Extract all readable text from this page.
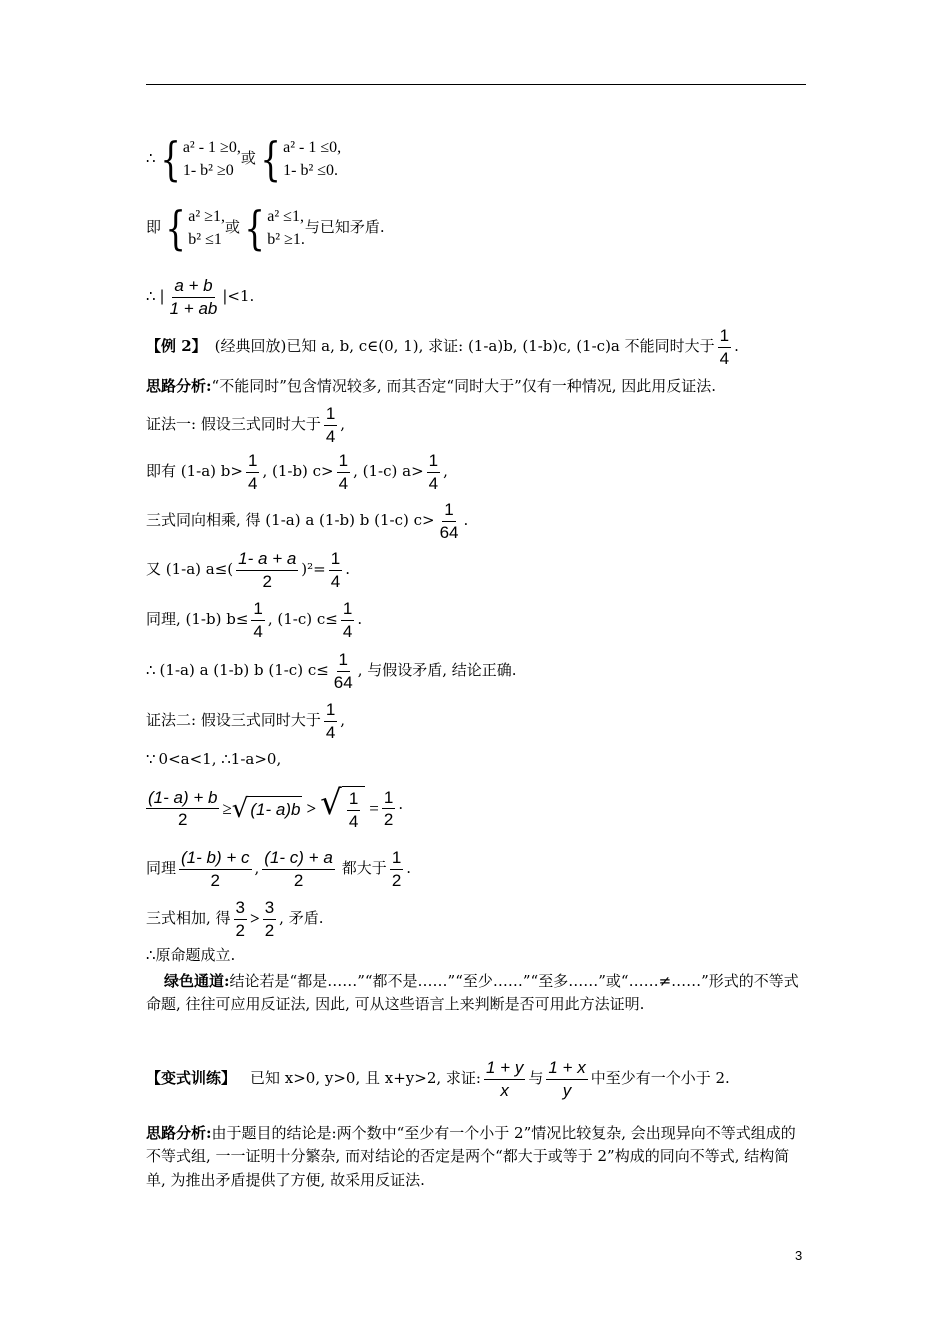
∴ { a² - 1 ≥0,
1- b² ≥0
或 { a² - 1 ≤0,
1- b² ≤0.
即 { a² ≥1,
b² ≤1
或 { a² ≤1,
b² ≥1.
与已知矛盾.
∴ | $\frac{a + b}{1 + ab} |<1$.
【例 2】 (经典回放)已知 a, b, c∈(0, 1), 求证: (1-a)b, (1-b)c, (1-c)a 不能同时大于 $\frac{1}{4}$ .
思路分析: “不能同时”包含情况较多, 而其否定“同时大于”仅有一种情况, 因此用反证法.
证法一: 假设三式同时大于 $\frac{1}{4}$ ,
即有 (1-a) $b> \frac{1}{4}$ , (1-b) $c> \frac{1}{4}$ , (1-c) $a> \frac{1}{4}$ ,
三式同向相乘, 得 (1-a) a (1-b) b (1-c) $c> \frac{1}{64}$ .
又 (1-a) $a\le( \frac{1- a + a}{2} )^2= \frac{1}{4}$ .
同理, (1-b) $b\le \frac{1}{4}$ , (1-c) $c\le \frac{1}{4}$ .
∴ (1-a) a (1-b) b (1-c) $c\le \frac{1}{64}$ , 与假设矛盾, 结论正确.
证法二: 假设三式同时大于 $\frac{1}{4}$ ,
∵ 0<a<1, ∴1-a>0,
$\frac{(1- a) + b}{2}$ ≥ √ (1- a)b > √ $\frac{1}{4} = \frac{1}{2}$ ·
同理 $\frac{(1- b) + c}{2}$ , $\frac{(1- c) + a}{2}$ 都大于 $\frac{1}{2}$ .
三式相加, 得 $\frac{3}{2} > \frac{3}{2}$ , 矛盾.
∴ 原命题成立.
绿色通道:结论若是“都是……”“都不是……”“至少……”“至多……”或“……≠……”形式的不等式命题, 往往可应用反证法, 因此, 可从这些语言上来判断是否可用此方法证明.
【变式训练】 已知 x>0, y>0, 且 x+y>2, 求证: $\frac{1 + y}{x}$ 与 $\frac{1 + x}{y}$ 中至少有一个小于 2.
思路分析:由于题目的结论是:两个数中“至少有一个小于 2”情况比较复杂, 会出现异向不等式组成的不等式组, 一一证明十分繁杂, 而对结论的否定是两个“都大于或等于 2”构成的同向不等式, 结构简单, 为推出矛盾提供了方便, 故采用反证法.
3
